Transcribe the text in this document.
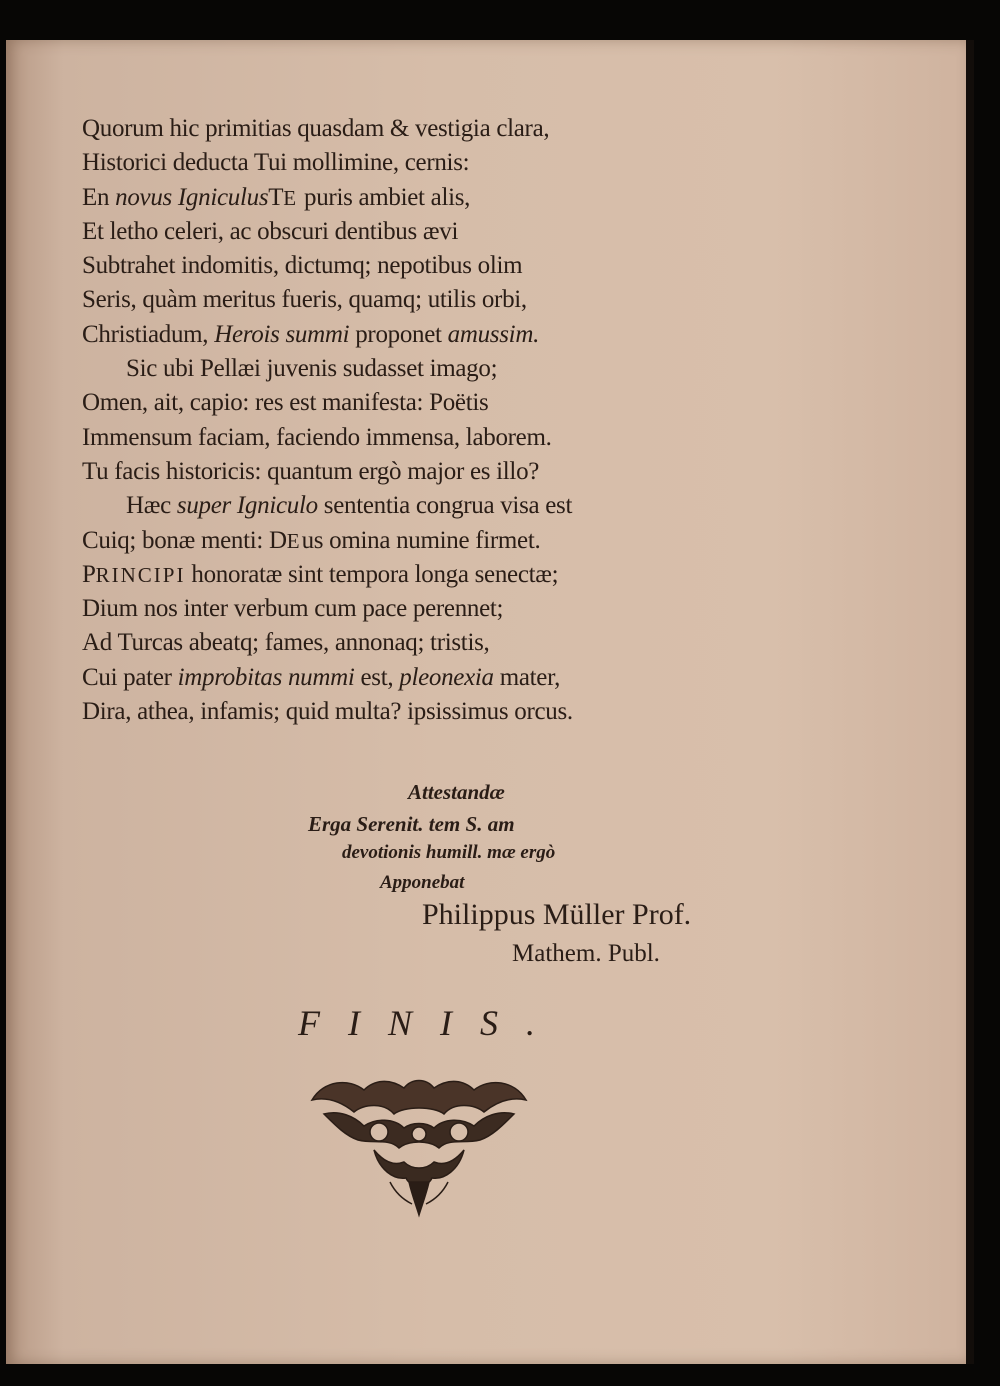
Quorum hic primitias quasdam & vestigia clara,
Historici deducta Tui mollimine, cernis:
En novus IgniculusTE puris ambiet alis,
Et letho celeri, ac obscuri dentibus ævi
Subtrahet indomitis, dictumq; nepotibus olim
Seris, quàm meritus fueris, quamq; utilis orbi,
Christiadum, Herois summi proponet amussim.
Sic ubi Pellæi juvenis sudasset imago;
Omen, ait, capio: res est manifesta: Poëtis
Immensum faciam, faciendo immensa, laborem.
Tu facis historicis: quantum ergò major es illo?
Hæc super Igniculo sententia congrua visa est
Cuiq; bonæ menti: DEus omina numine firmet.
PRINCIPI honoratæ sint tempora longa senectæ;
Dium nos inter verbum cum pace perennet;
Ad Turcas abeatq; fames, annonaq; tristis,
Cui pater improbitas nummi est, pleonexia mater,
Dira, athea, infamis; quid multa? ipsissimus orcus.
Attestandæ
Erga Serenit. tem S. am
devotionis humill. mæ ergò
Apponebat
Philippus Müller Prof.
Mathem. Publ.
FINIS.
